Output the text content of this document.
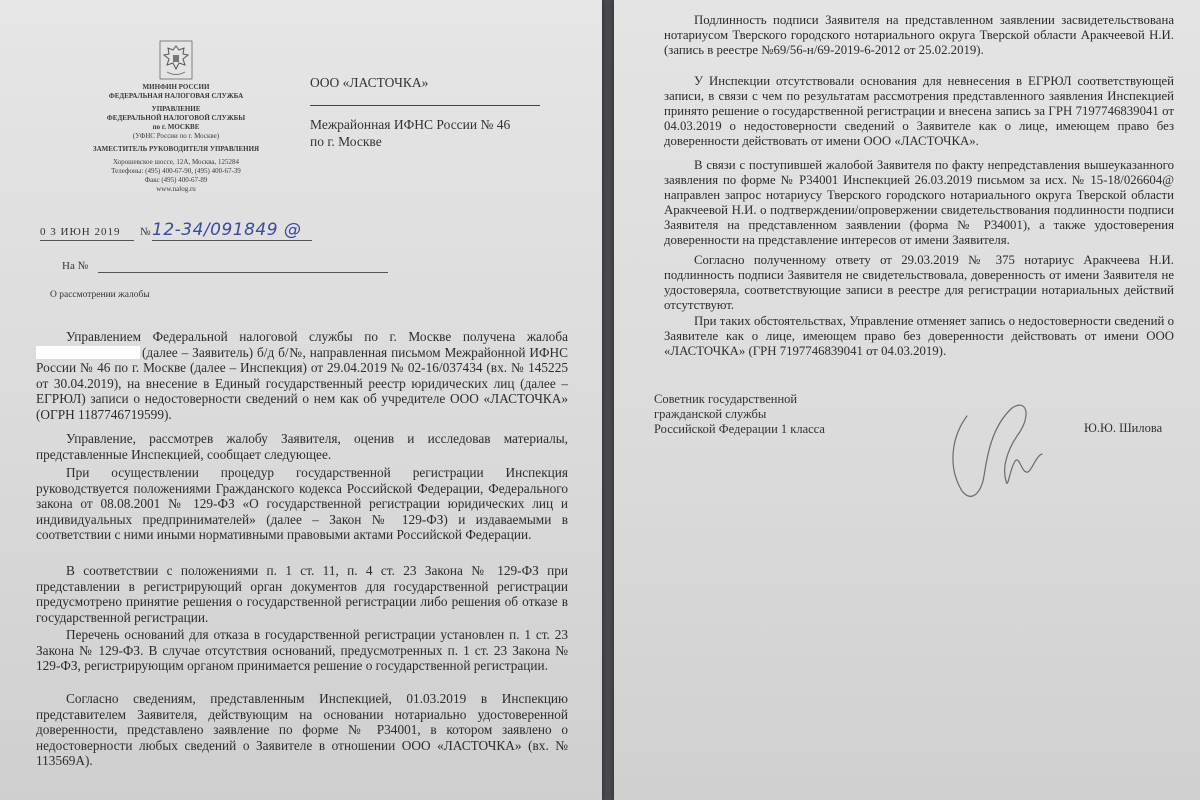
МИНФИН РОССИИ
ФЕДЕРАЛЬНАЯ НАЛОГОВАЯ СЛУЖБА
УПРАВЛЕНИЕ
ФЕДЕРАЛЬНОЙ НАЛОГОВОЙ СЛУЖБЫ
по г. МОСКВЕ
(УФНС России по г. Москве)
ЗАМЕСТИТЕЛЬ РУКОВОДИТЕЛЯ УПРАВЛЕНИЯ
Хорошевское шоссе, 12А, Москва, 125284
Телефоны: (495) 400-67-90, (495) 400-67-39
Факс (495) 400-67-89
www.nalog.ru
ООО «ЛАСТОЧКА»
Межрайонная ИФНС России № 46
по г. Москве
0 3 ИЮН 2019 № 12-34/091849 @
На №
О рассмотрении жалобы
Управлением Федеральной налоговой службы по г. Москве получена жалоба (далее – Заявитель) б/д б/№, направленная письмом Межрайонной ИФНС России № 46 по г. Москве (далее – Инспекция) от 29.04.2019 № 02-16/037434 (вх. № 145225 от 30.04.2019), на внесение в Единый государственный реестр юридических лиц (далее – ЕГРЮЛ) записи о недостоверности сведений о нем как об учредителе ООО «ЛАСТОЧКА» (ОГРН 1187746719599).
Управление, рассмотрев жалобу Заявителя, оценив и исследовав материалы, представленные Инспекцией, сообщает следующее.
При осуществлении процедур государственной регистрации Инспекция руководствуется положениями Гражданского кодекса Российской Федерации, Федерального закона от 08.08.2001 № 129-ФЗ «О государственной регистрации юридических лиц и индивидуальных предпринимателей» (далее – Закон № 129-ФЗ) и издаваемыми в соответствии с ними иными нормативными правовыми актами Российской Федерации.
В соответствии с положениями п. 1 ст. 11, п. 4 ст. 23 Закона № 129-ФЗ при представлении в регистрирующий орган документов для государственной регистрации предусмотрено принятие решения о государственной регистрации либо решения об отказе в государственной регистрации.
Перечень оснований для отказа в государственной регистрации установлен п. 1 ст. 23 Закона № 129-ФЗ. В случае отсутствия оснований, предусмотренных п. 1 ст. 23 Закона № 129-ФЗ, регистрирующим органом принимается решение о государственной регистрации.
Согласно сведениям, представленным Инспекцией, 01.03.2019 в Инспекцию представителем Заявителя, действующим на основании нотариально удостоверенной доверенности, представлено заявление по форме № Р34001, в котором заявлено о недостоверности любых сведений о Заявителе в отношении ООО «ЛАСТОЧКА» (вх. № 113569А).
Подлинность подписи Заявителя на представленном заявлении засвидетельствована нотариусом Тверского городского нотариального округа Тверской области Аракчеевой Н.И. (запись в реестре №69/56-н/69-2019-6-2012 от 25.02.2019).
У Инспекции отсутствовали основания для невнесения в ЕГРЮЛ соответствующей записи, в связи с чем по результатам рассмотрения представленного заявления Инспекцией принято решение о государственной регистрации и внесена запись за ГРН 7197746839041 от 04.03.2019 о недостоверности сведений о Заявителе как о лице, имеющем право без доверенности действовать от имени ООО «ЛАСТОЧКА».
В связи с поступившей жалобой Заявителя по факту непредставления вышеуказанного заявления по форме № Р34001 Инспекцией 26.03.2019 письмом за исх. № 15-18/026604@ направлен запрос нотариусу Тверского городского нотариального округа Тверской области Аракчеевой Н.И. о подтверждении/опровержении свидетельствования подлинности подписи Заявителя на представленном заявлении (форма № Р34001), а также удостоверения доверенности на представление интересов от имени Заявителя.
Согласно полученному ответу от 29.03.2019 № 375 нотариус Аракчеева Н.И. подлинность подписи Заявителя не свидетельствовала, доверенность от имени Заявителя не удостоверяла, соответствующие записи в реестре для регистрации нотариальных действий отсутствуют.
При таких обстоятельствах, Управление отменяет запись о недостоверности сведений о Заявителе как о лице, имеющем право без доверенности действовать от имени ООО «ЛАСТОЧКА» (ГРН 7197746839041 от 04.03.2019).
Советник государственной
гражданской службы
Российской Федерации 1 класса	Ю.Ю. Шилова
